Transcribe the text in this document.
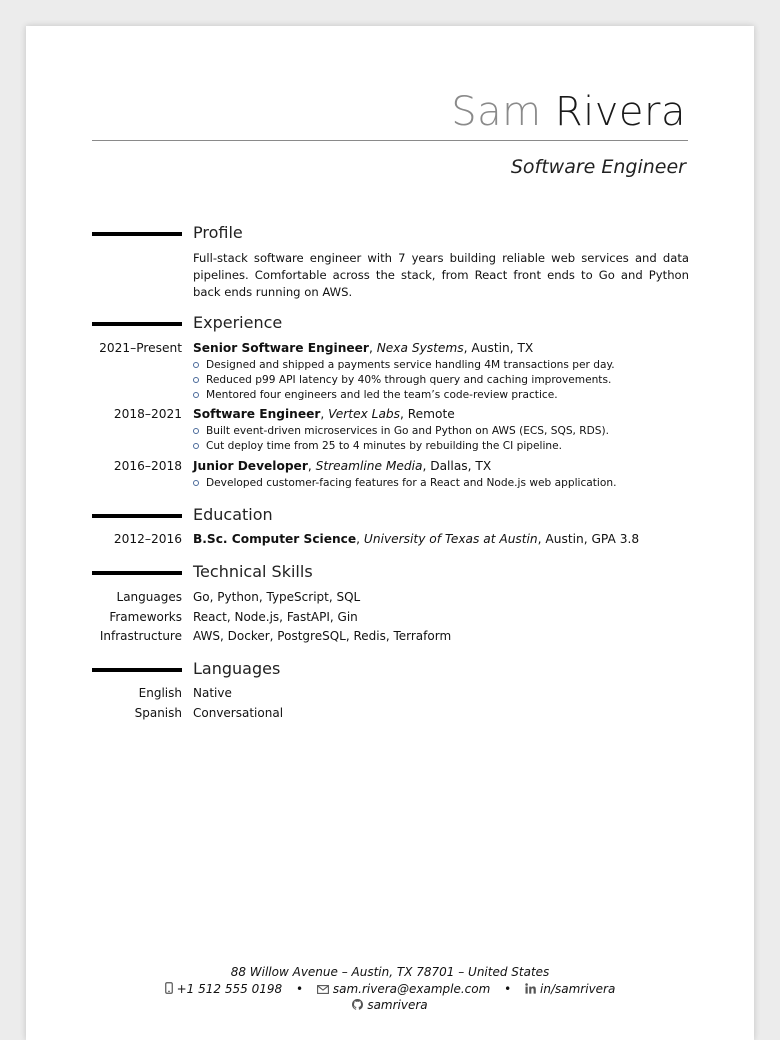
Sam Rivera
Software Engineer
Profile
Full-stack software engineer with 7 years building reliable web services and data pipelines. Comfortable across the stack, from React front ends to Go and Python back ends running on AWS.
Experience
2021–Present Senior Software Engineer, Nexa Systems, Austin, TX
Designed and shipped a payments service handling 4M transactions per day.
Reduced p99 API latency by 40% through query and caching improvements.
Mentored four engineers and led the team’s code-review practice.
2018–2021 Software Engineer, Vertex Labs, Remote
Built event-driven microservices in Go and Python on AWS (ECS, SQS, RDS).
Cut deploy time from 25 to 4 minutes by rebuilding the CI pipeline.
2016–2018 Junior Developer, Streamline Media, Dallas, TX
Developed customer-facing features for a React and Node.js web application.
Education
2012–2016 B.Sc. Computer Science, University of Texas at Austin, Austin, GPA 3.8
Technical Skills
Languages Go, Python, TypeScript, SQL
Frameworks React, Node.js, FastAPI, Gin
Infrastructure AWS, Docker, PostgreSQL, Redis, Terraform
Languages
English Native
Spanish Conversational
88 Willow Avenue – Austin, TX 78701 – United States
+1 512 555 0198 • sam.rivera@example.com • in/samrivera
samrivera
